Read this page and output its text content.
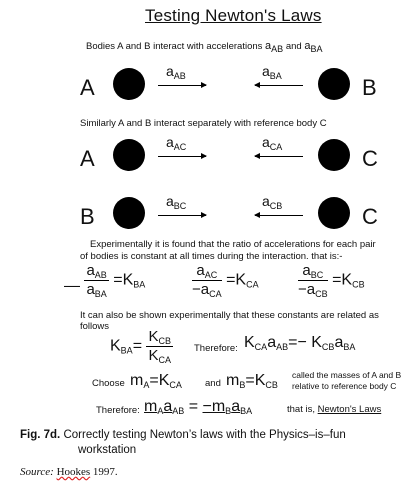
Testing Newton's Laws
Bodies A and B interact with accelerations $a_{AB}$ and $a_{BA}$
A
$a_{AB}$	$a_{BA}$	B
Similarly A and B interact separately with reference body C
A
$a_{AC}$	$a_{CA}$	C
B
$a_{BC}$	$a_{CB}$	C
Experimentally it is found that the ratio of accelerations for each pair
of bodies is constant at all times during the interaction. that is:-
— $\frac{a_{AB}}{a_{BA}} =K_{BA}$	$\frac{a_{AC}}{-a_{CA}} =K_{CA}$	$\frac{a_{BC}}{-a_{CB}} =K_{CB}$
It can also be shown experimentally that these constants are related as
follows
$K_{BA}= \frac{K_{CB}}{K_{CA}}$ Therefore: $K_{CA}a_{AB}=- K_{CB}a_{BA}$
Choose $m_A=K_{CA}$ and $m_B=K_{CB}$
called the masses of A and B
relative to reference body C
Therefore: $m_Aa_{AB} = -m_Ba_{BA}$	that is, Newton's Laws
Fig. 7d. Correctly testing Newton’s laws with the Physics–is–fun
workstation
Source: Hookes 1997.
